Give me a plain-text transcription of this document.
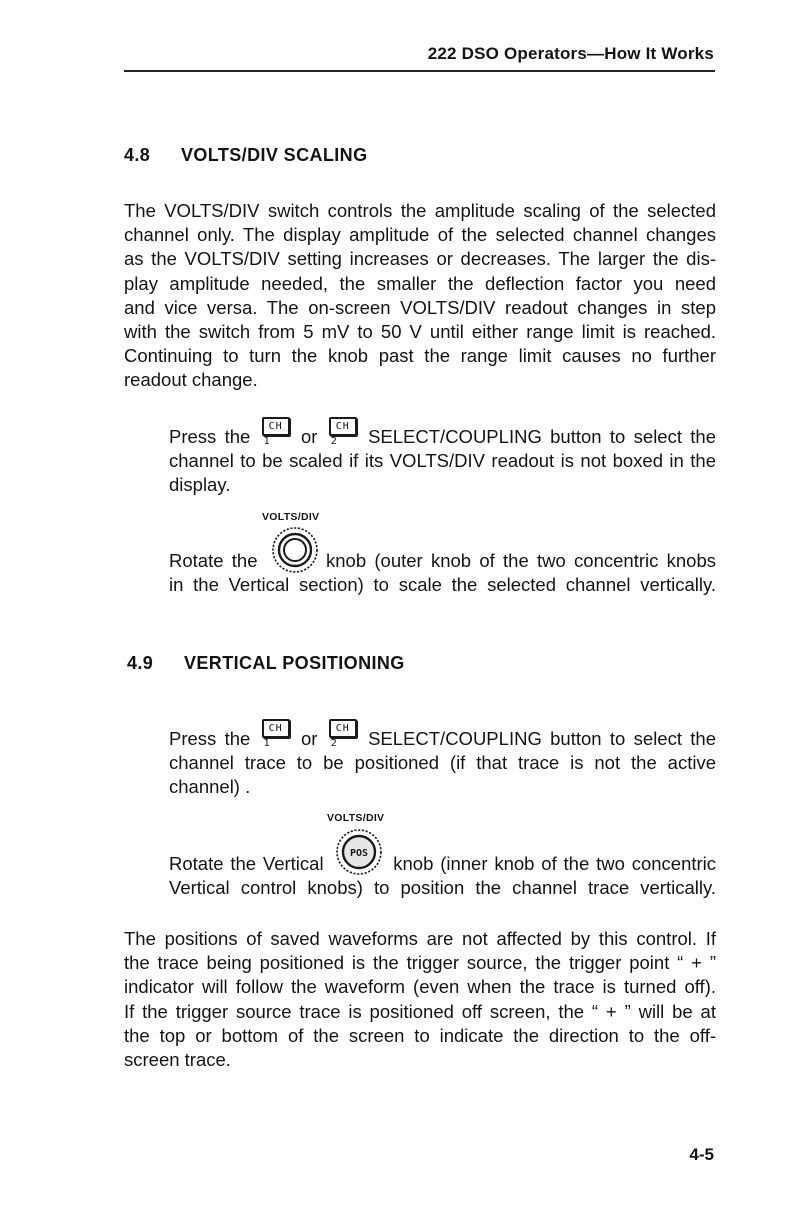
222 DSO Operators—How It Works
4.8 VOLTS/DIV SCALING
The VOLTS/DIV switch controls the amplitude scaling of the selected
channel only. The display amplitude of the selected channel changes
as the VOLTS/DIV setting increases or decreases. The larger the dis-
play amplitude needed, the smaller the deflection factor you need
and vice versa. The on-screen VOLTS/DIV readout changes in step
with the switch from 5 mV to 50 V until either range limit is reached.
Continuing to turn the knob past the range limit causes no further
readout change.
Press the CH 1 or CH 2 SELECT/COUPLING button to select the
channel to be scaled if its VOLTS/DIV readout is not boxed in the
display.
VOLTS/DIV
Rotate the	knob (outer knob of the two concentric knobs
in the Vertical section) to scale the selected channel vertically.
4.9 VERTICAL POSITIONING
Press the CH 1 or CH 2 SELECT/COUPLING button to select the
channel trace to be positioned (if that trace is not the active
channel) .
VOLTS/DIV
Rotate the Vertical	knob (inner knob of the two concentric
Vertical control knobs) to position the channel trace vertically.
POS
The positions of saved waveforms are not affected by this control. If
the trace being positioned is the trigger source, the trigger point “ + ”
indicator will follow the waveform (even when the trace is turned off).
If the trigger source trace is positioned off screen, the “ + ” will be at
the top or bottom of the screen to indicate the direction to the off-
screen trace.
4-5
